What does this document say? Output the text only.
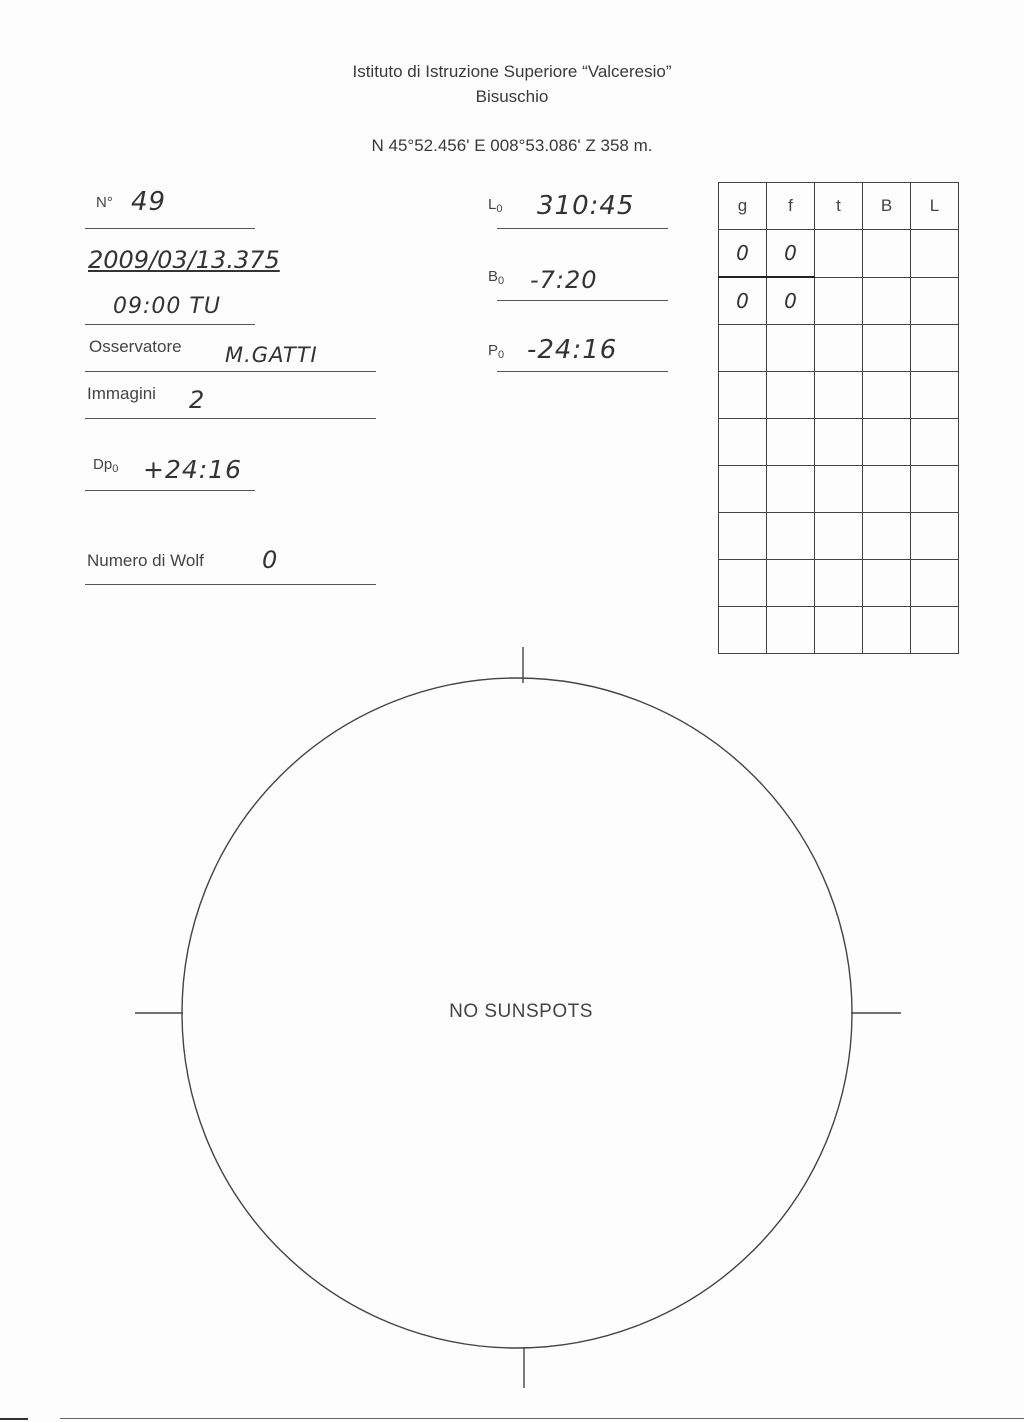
Istituto di Istruzione Superiore “Valceresio”
Bisuschio
N 45°52.456' E 008°53.086' Z 358 m.
N° 49
2009/03/13.375
09:00 TU
Osservatore M.GATTI
Immagini 2
$Dp_0$ +24:16
Numero di Wolf 0
$L_0$ 310:45
$B_0$ -7:20
$P_0$ -24:16
g	f	t	B	L
0	0			
0	0			

NO SUNSPOTS
